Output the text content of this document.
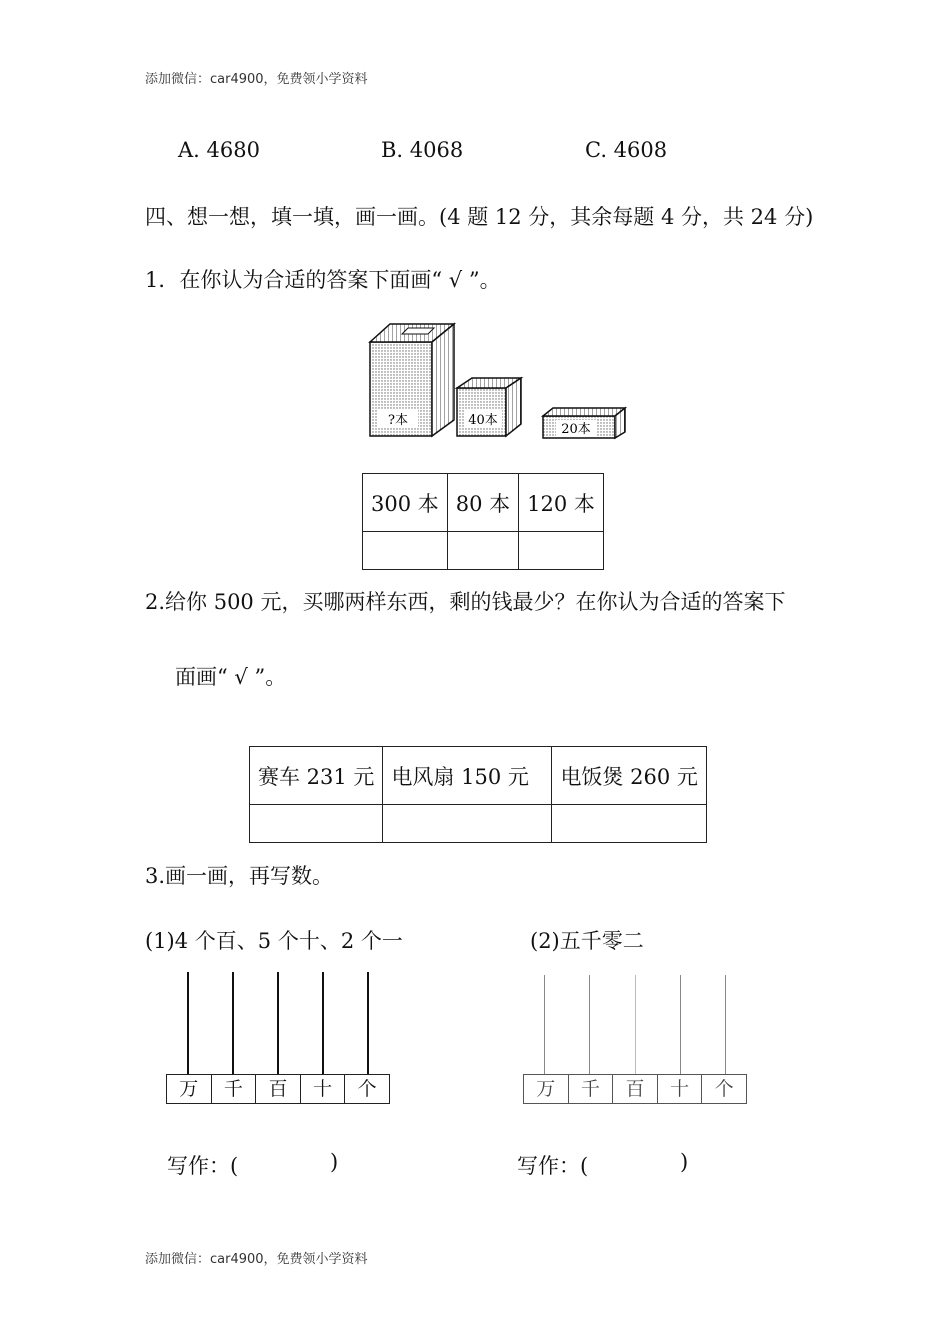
添加微信：car4900，免费领小学资料
A. 4680	B. 4068	C. 4608
四、想一想，填一填，画一画。(4 题 12 分，其余每题 4 分，共 24 分)
1．在你认为合适的答案下面画“ √ ”。
?本	40本
20本
300 本	80 本	120 本

2.给你 500 元，买哪两样东西，剩的钱最少？在你认为合适的答案下
面画“ √ ”。
赛车 231 元	电风扇 150 元	电饭煲 260 元

3.画一画，再写数。
(1)4 个百、5 个十、2 个一	(2)五千零二
万	千	百	十	个	万	千	百	十	个
写作：(	)	写作：(	)
添加微信：car4900，免费领小学资料
